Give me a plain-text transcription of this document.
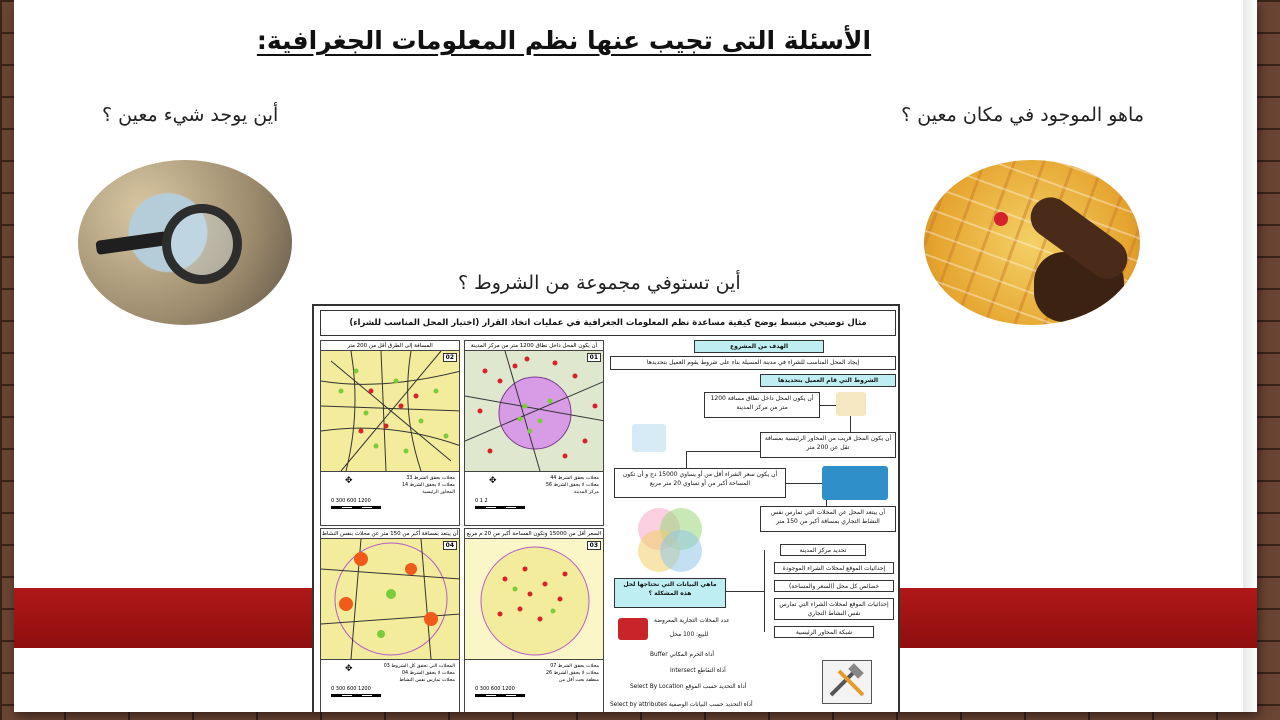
الأسئلة التى تجيب عنها نظم المعلومات الجغرافية:
ماهو الموجود في مكان معين ؟
أين يوجد شيء معين ؟
أين تستوفي مجموعة من الشروط ؟
مثال توضيحي مبسط يوضح كيفية مساعدة نظم المعلومات الجغرافية في عمليات اتخاذ القرار (اختيار المحل المناسب للشراء)
المسافة إلى الطرق أقل من 200 متر
02
✥	محلات يحقق الشرط 33
محلات لا يحقق الشرط 14
المحاور الرئيسية
0 300 600 1200
أن يكون المحل داخل نطاق 1200 متر من مركز المدينة
01
✥	محلات يحقق الشرط 44
محلات لا يحقق الشرط 56
مركز المدينة
0 1 2
أن يبتعد بمسافة أكبر من 150 متر عن محلات بنفس النشاط
04
✥	المحلات التي تحقق كل الشروط 03
محلات لا يحقق الشرط 04
محلات تمارس نفس النشاط
0 300 600 1200
السعر أقل من 15000 وتكون المساحة أكبر من 20 م مربع
03
محلات يحقق الشرط 07
محلات لا يحقق الشرط 26
منطقة بحث أقل من
0 300 600 1200
الهدف من المشروع
إيجاد المحل المناسب للشراء في مدينة المسيلة بناء على شروط يقوم العميل بتحديدها
الشروط التي قام العميل بتحديدها
أن يكون المحل داخل نطاق مسافة 1200 متر من مركز المدينة
أن يكون المحل قريب من المحاور الرئيسية بمسافة تقل عن 200 متر
أن يكون سعر الشراء أقل من أو يساوي 15000 دج و أن تكون المساحة أكبر من أو تساوي 20 متر مربع
أن يبتعد المحل عن المحلات التي تمارس نفس النشاط التجاري بمسافة أكبر من 150 متر
تحديد مركز المدينة
إحداثيات الموقع لمحلات الشراء الموجودة
خصائص كل محل (السعر والمساحة)
إحداثيات الموقع لمحلات الشراء التي تمارس نفس النشاط التجاري
شبكة المحاور الرئيسية
ماهي البيانات التي نحتاجها لحل هذه المشكلة ؟
عدد المحلات التجارية المعروضة
للبيع: 100 محل
أداة الحرم المكاني Buffer
أداة التقاطع Intersect
أداة التحديد حسب الموقع Select By Location
أداة التحديد حسب البيانات الوصفية Select by attributes
